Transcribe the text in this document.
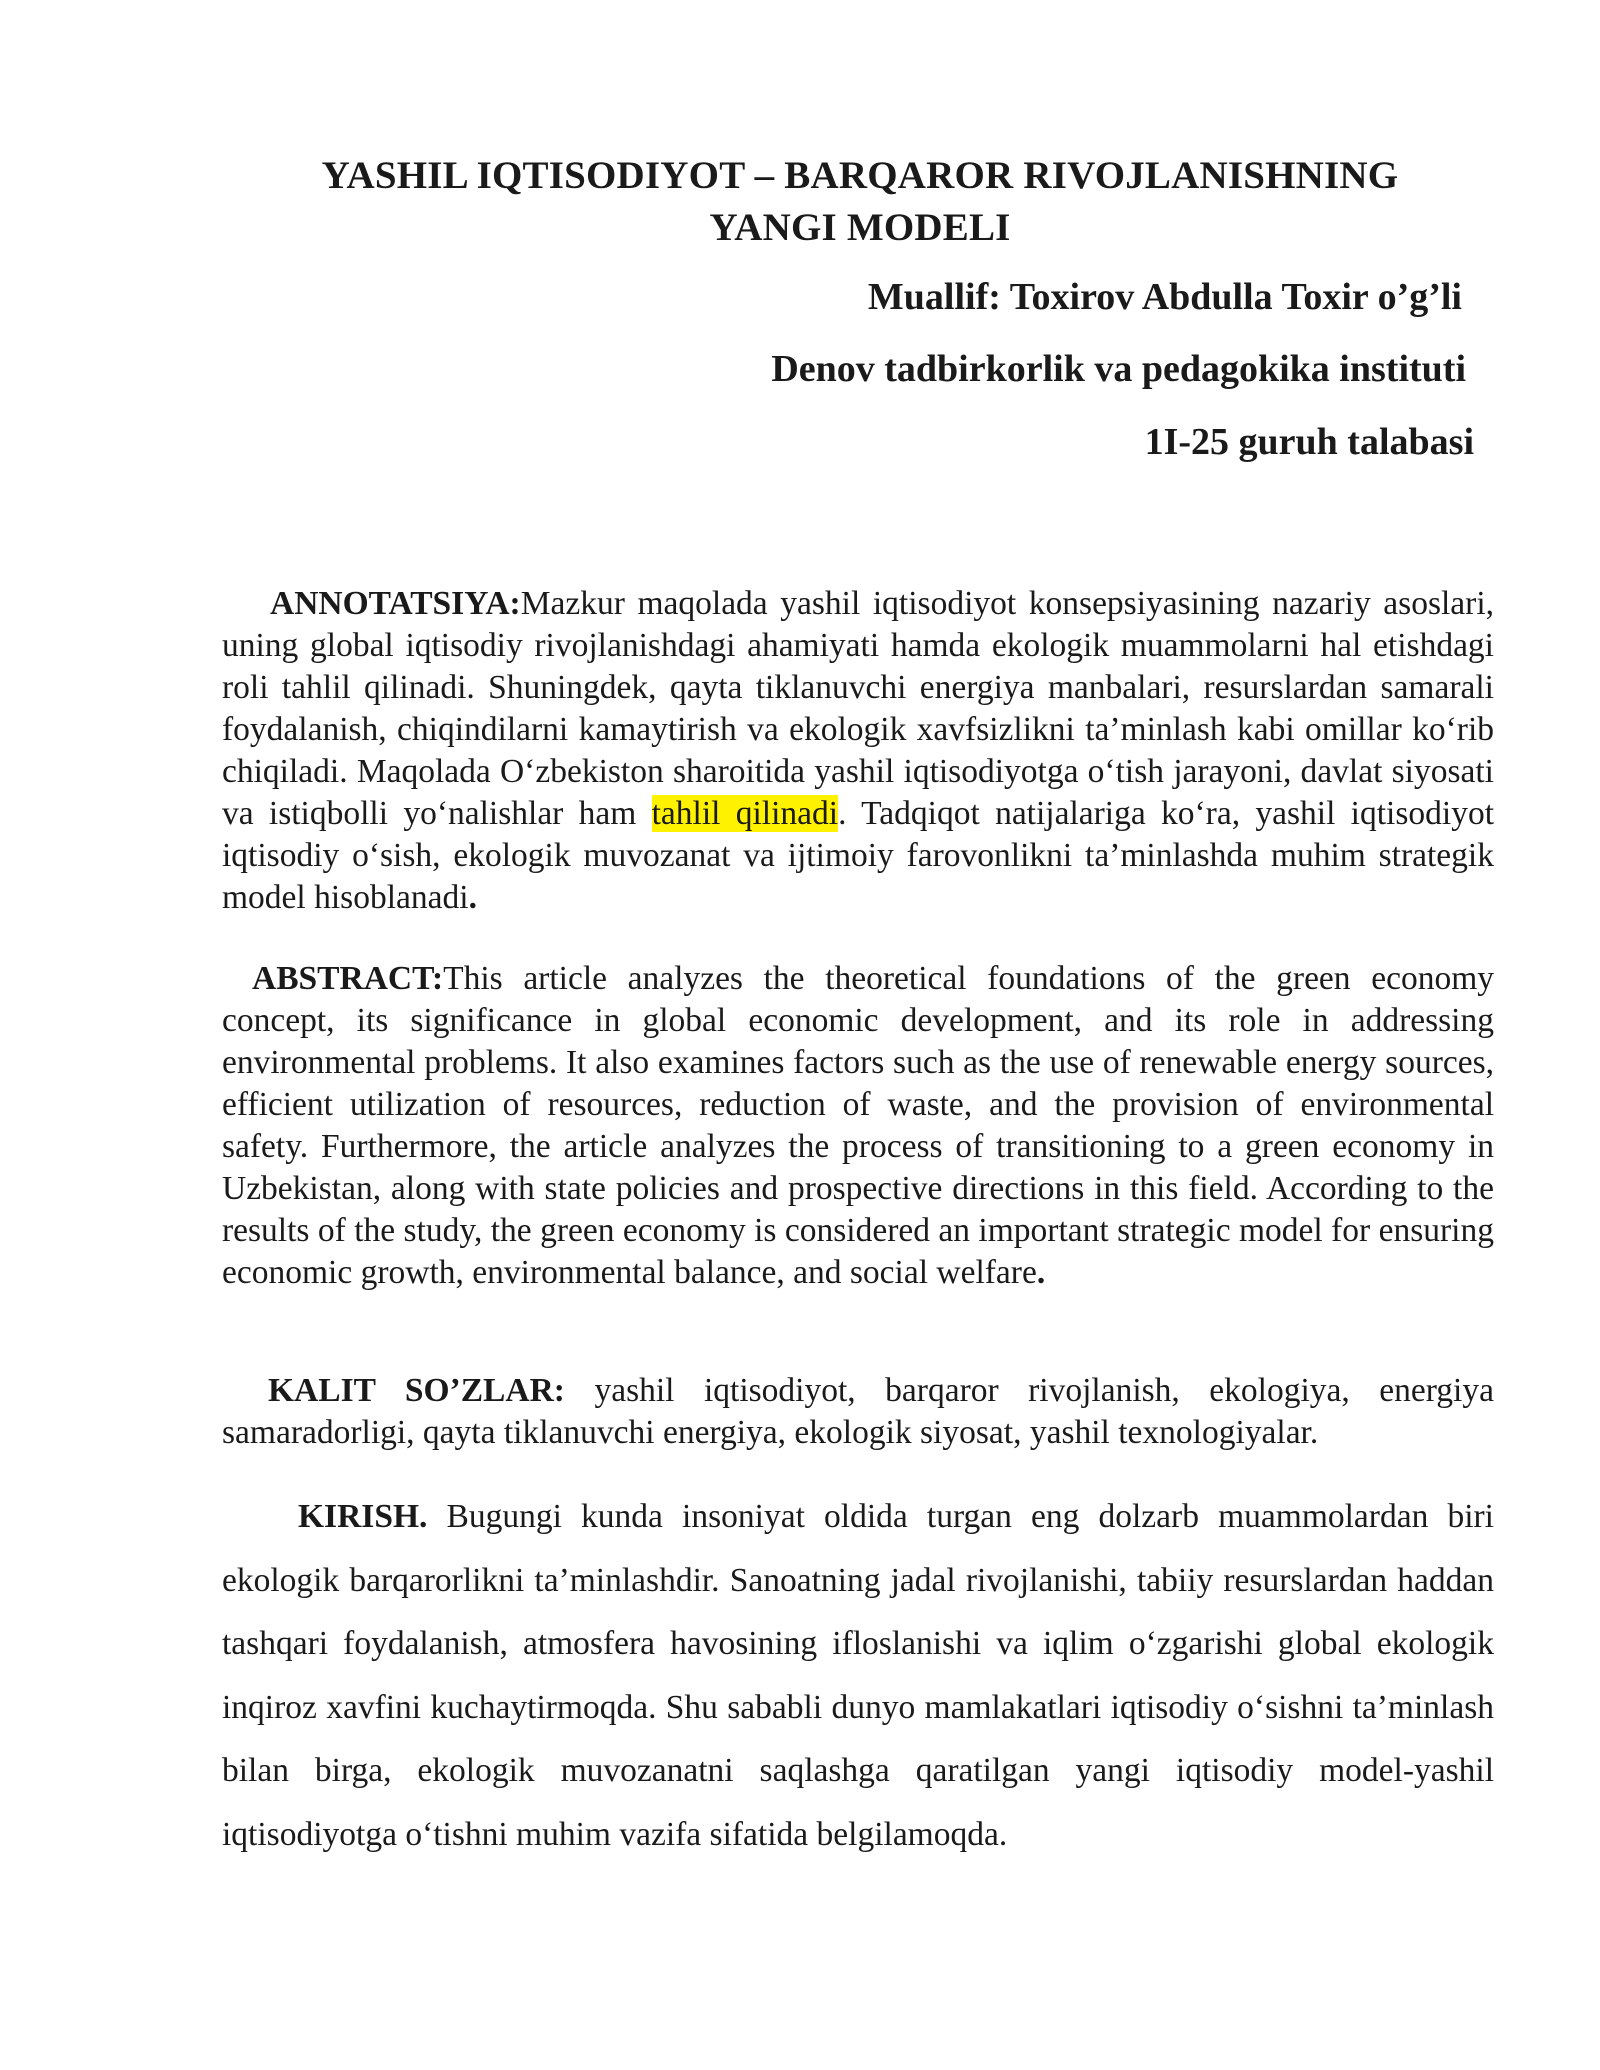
YASHIL IQTISODIYOT – BARQAROR RIVOJLANISHNING
YANGI MODELI
Muallif: Toxirov Abdulla Toxir o’g’li
Denov tadbirkorlik va pedagokika instituti
1I-25 guruh talabasi

ANNOTATSIYA:Mazkur maqolada yashil iqtisodiyot konsepsiyasining nazariy asoslari, uning global iqtisodiy rivojlanishdagi ahamiyati hamda ekologik muammolarni hal etishdagi roli tahlil qilinadi. Shuningdek, qayta tiklanuvchi energiya manbalari, resurslardan samarali foydalanish, chiqindilarni kamaytirish va ekologik xavfsizlikni ta’minlash kabi omillar ko‘rib chiqiladi. Maqolada O‘zbekiston sharoitida yashil iqtisodiyotga o‘tish jarayoni, davlat siyosati va istiqbolli yo‘nalishlar ham tahlil qilinadi. Tadqiqot natijalariga ko‘ra, yashil iqtisodiyot iqtisodiy o‘sish, ekologik muvozanat va ijtimoiy farovonlikni ta’minlashda muhim strategik model hisoblanadi.

ABSTRACT:This article analyzes the theoretical foundations of the green economy concept, its significance in global economic development, and its role in addressing environmental problems. It also examines factors such as the use of renewable energy sources, efficient utilization of resources, reduction of waste, and the provision of environmental safety. Furthermore, the article analyzes the process of transitioning to a green economy in Uzbekistan, along with state policies and prospective directions in this field. According to the results of the study, the green economy is considered an important strategic model for ensuring economic growth, environmental balance, and social welfare.

KALIT SO’ZLAR: yashil iqtisodiyot, barqaror rivojlanish, ekologiya, energiya samaradorligi, qayta tiklanuvchi energiya, ekologik siyosat, yashil texnologiyalar.

KIRISH. Bugungi kunda insoniyat oldida turgan eng dolzarb muammolardan biri ekologik barqarorlikni ta’minlashdir. Sanoatning jadal rivojlanishi, tabiiy resurslardan haddan tashqari foydalanish, atmosfera havosining ifloslanishi va iqlim o‘zgarishi global ekologik inqiroz xavfini kuchaytirmoqda. Shu sababli dunyo mamlakatlari iqtisodiy o‘sishni ta’minlash bilan birga, ekologik muvozanatni saqlashga qaratilgan yangi iqtisodiy model-yashil iqtisodiyotga o‘tishni muhim vazifa sifatida belgilamoqda.
